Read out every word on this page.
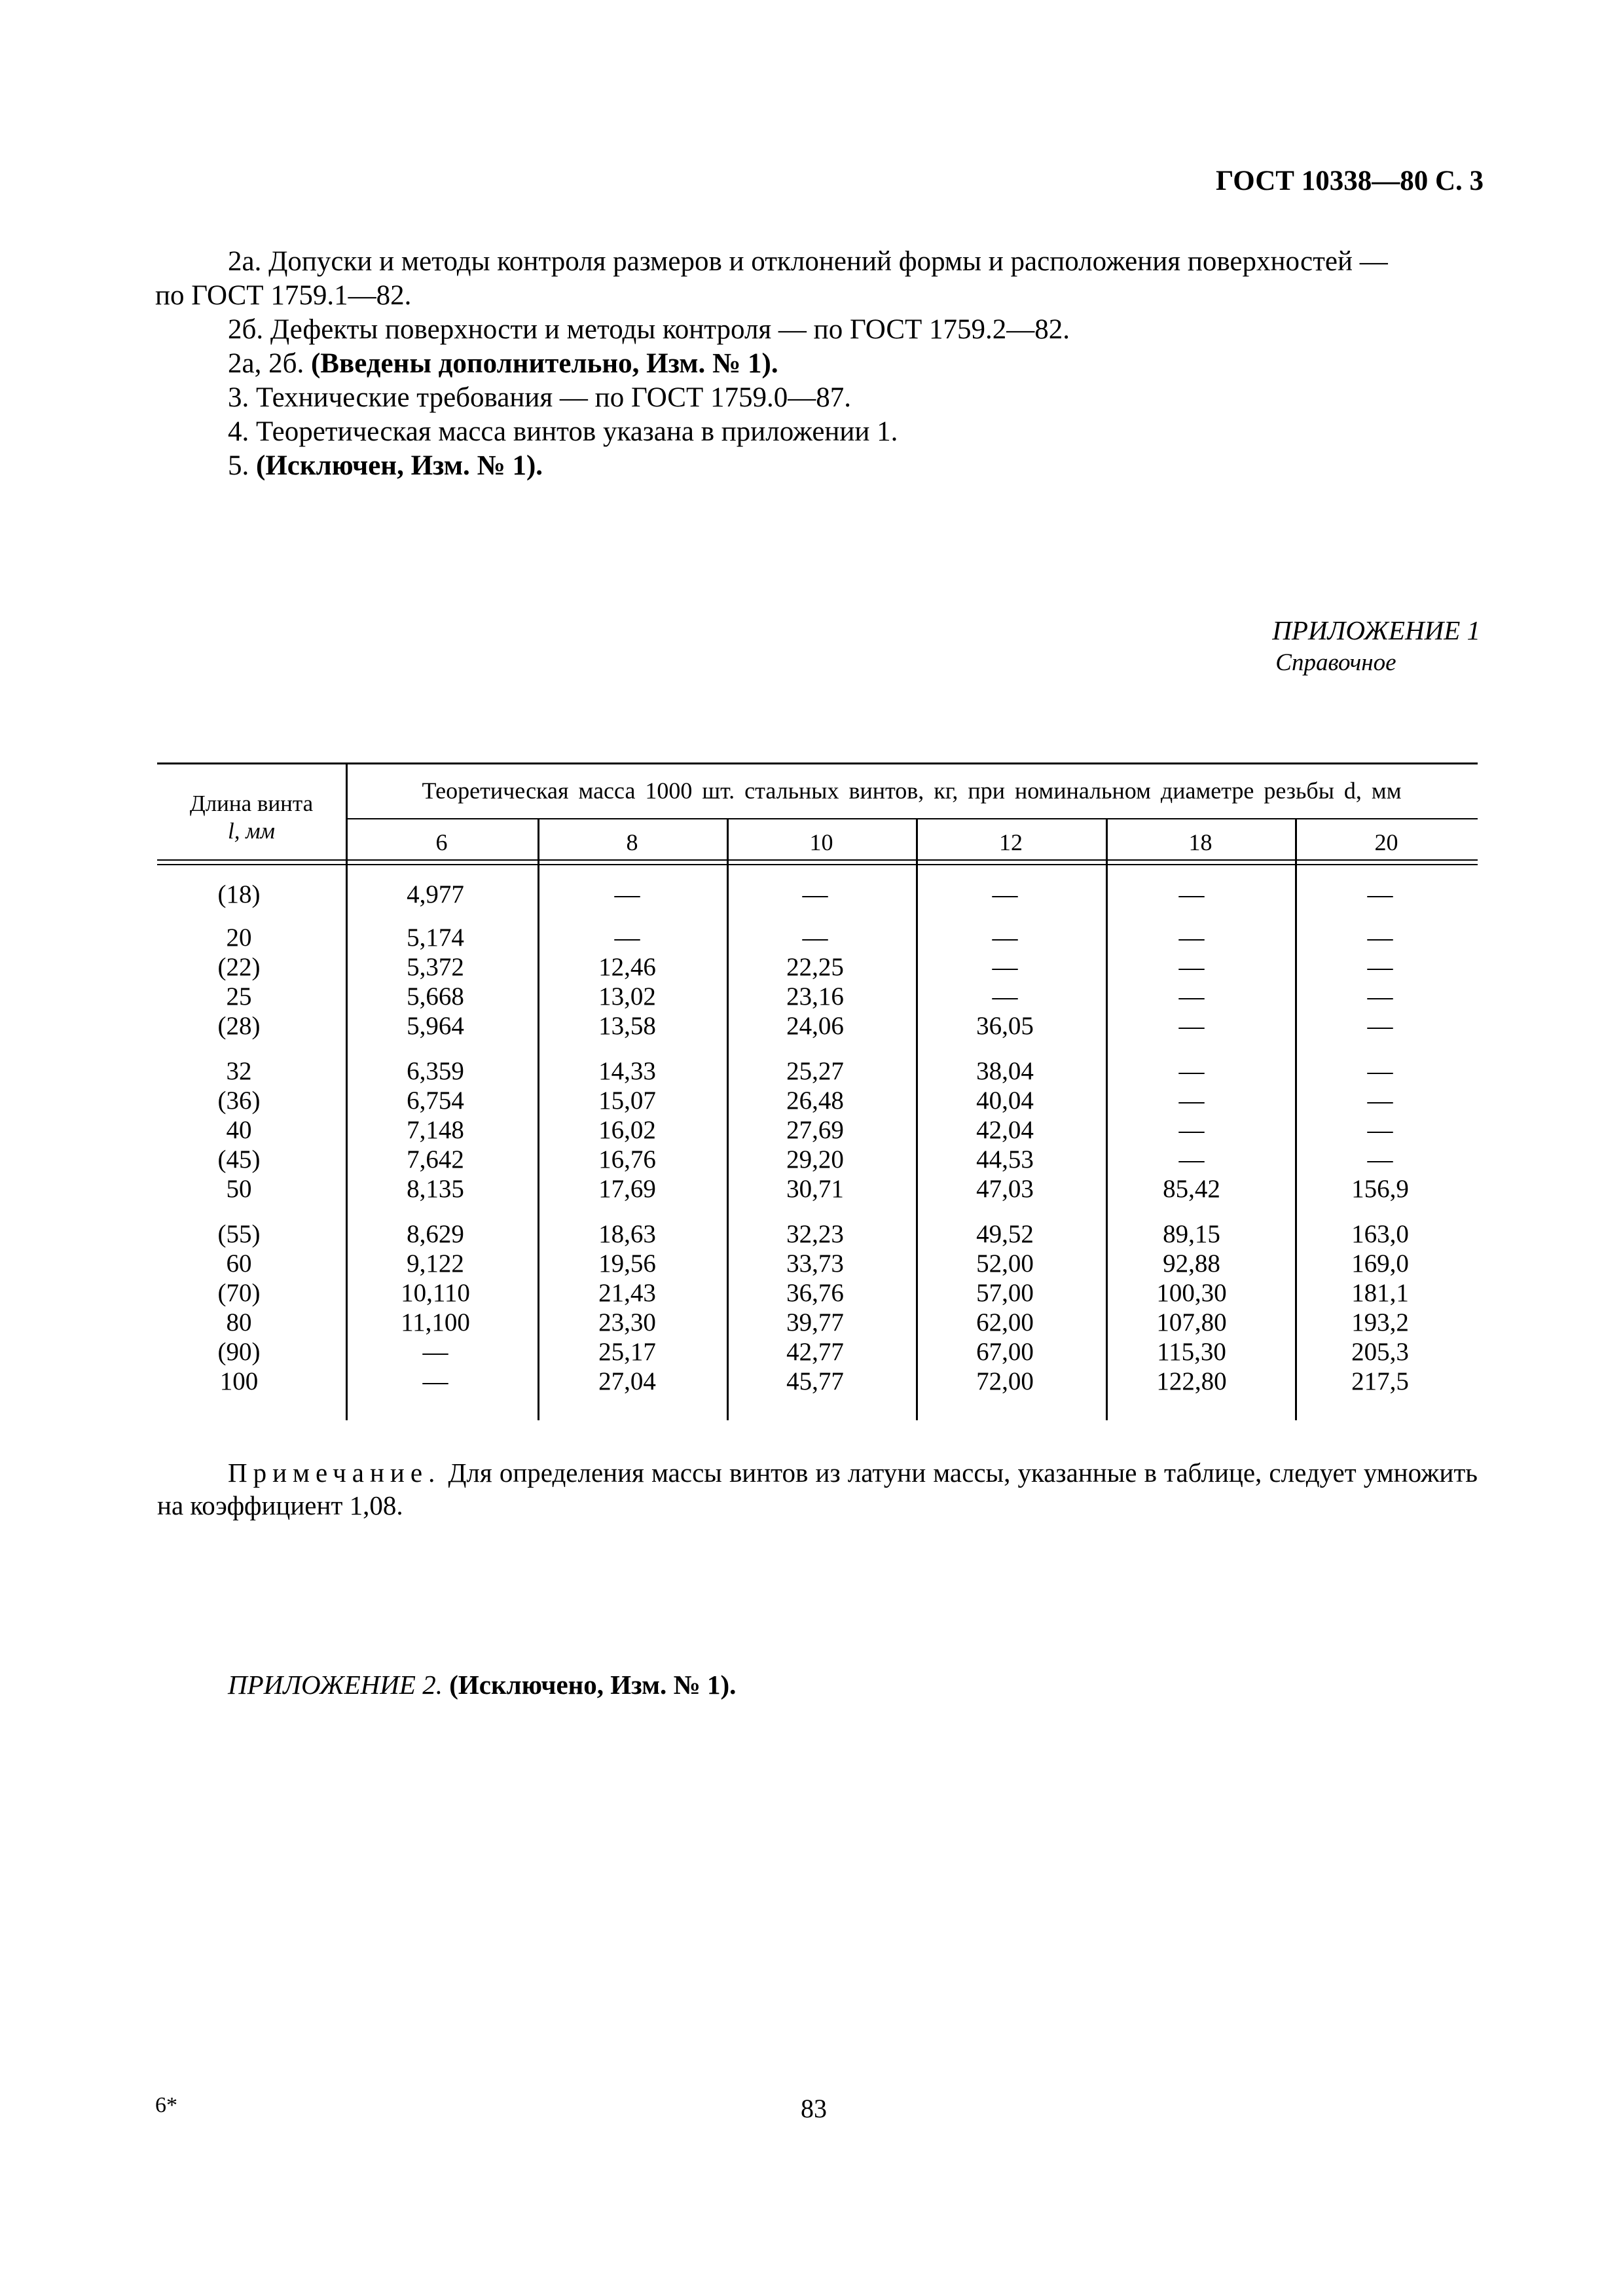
ГОСТ 10338—80 С. 3
2а. Допуски и методы контроля размеров и отклонений формы и расположения поверхностей —
по ГОСТ 1759.1—82.
2б. Дефекты поверхности и методы контроля — по ГОСТ 1759.2—82.
2а, 2б. (Введены дополнительно, Изм. № 1).
3. Технические требования — по ГОСТ 1759.0—87.
4. Теоретическая масса винтов указана в приложении 1.
5. (Исключен, Изм. № 1).
ПРИЛОЖЕНИЕ 1
Справочное
Длина винта
l, мм
Теоретическая масса 1000 шт. стальных винтов, кг, при номинальном диаметре резьбы d, мм
6	8	10	12	18	20
(18)	4,977	—	—	—	—	—
20	5,174	—	—	—	—	—
(22)	5,372	12,46	22,25	—	—	—
25	5,668	13,02	23,16	—	—	—
(28)	5,964	13,58	24,06	36,05	—	—
32	6,359	14,33	25,27	38,04	—	—
(36)	6,754	15,07	26,48	40,04	—	—
40	7,148	16,02	27,69	42,04	—	—
(45)	7,642	16,76	29,20	44,53	—	—
50	8,135	17,69	30,71	47,03	85,42	156,9
(55)	8,629	18,63	32,23	49,52	89,15	163,0
60	9,122	19,56	33,73	52,00	92,88	169,0
(70)	10,110	21,43	36,76	57,00	100,30	181,1
80	11,100	23,30	39,77	62,00	107,80	193,2
(90)	—	25,17	42,77	67,00	115,30	205,3
100	—	27,04	45,77	72,00	122,80	217,5
Примечание. Для определения массы винтов из латуни массы, указанные в таблице, следует умножить на коэффициент 1,08.
ПРИЛОЖЕНИЕ 2. (Исключено, Изм. № 1).
6*	83
